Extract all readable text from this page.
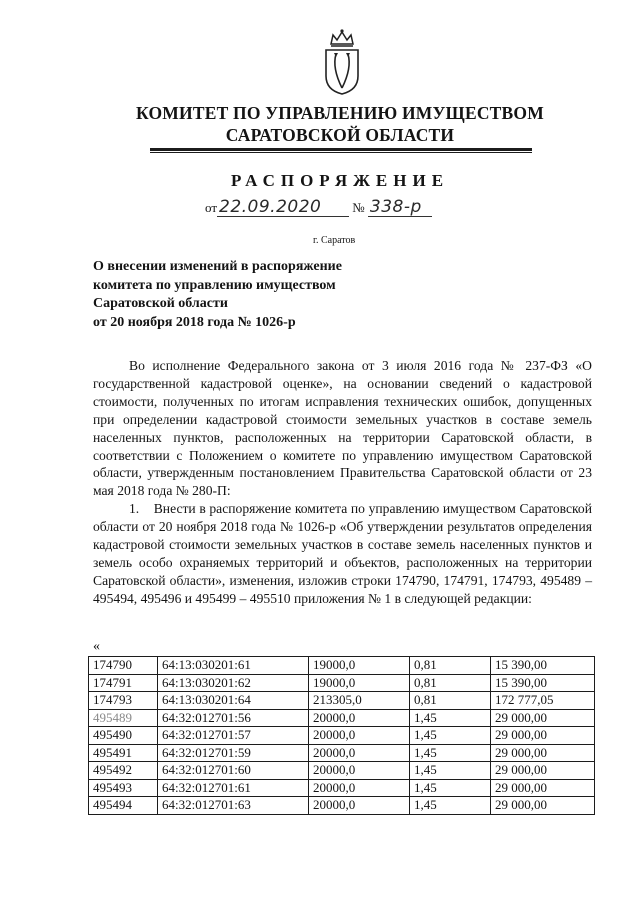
КОМИТЕТ ПО УПРАВЛЕНИЮ ИМУЩЕСТВОМ
САРАТОВСКОЙ ОБЛАСТИ
РАСПОРЯЖЕНИЕ
от 22.09.2020 № 338-р
г. Саратов
О внесении изменений в распоряжение
комитета по управлению имуществом
Саратовской области
от 20 ноября 2018 года № 1026-р

Во исполнение Федерального закона от 3 июля 2016 года № 237-ФЗ «О государственной кадастровой оценке», на основании сведений о кадастровой стоимости, полученных по итогам исправления технических ошибок, допущенных при определении кадастровой стоимости земельных участков в составе земель населенных пунктов, расположенных на территории Саратовской области, в соответствии с Положением о комитете по управлению имуществом Саратовской области, утвержденным постановлением Правительства Саратовской области от 23 мая 2018 года № 280-П:

1.    Внести в распоряжение комитета по управлению имуществом Саратовской области от 20 ноября 2018 года № 1026-р «Об утверждении результатов определения кадастровой стоимости земельных участков в составе земель населенных пунктов и земель особо охраняемых территорий и объектов, расположенных на территории Саратовской области», изменения, изложив строки 174790, 174791, 174793, 495489 – 495494, 495496 и 495499 – 495510 приложения № 1 в следующей редакции:

«
174790	64:13:030201:61	19000,0	0,81	15 390,00
174791	64:13:030201:62	19000,0	0,81	15 390,00
174793	64:13:030201:64	213305,0	0,81	172 777,05
495489	64:32:012701:56	20000,0	1,45	29 000,00
495490	64:32:012701:57	20000,0	1,45	29 000,00
495491	64:32:012701:59	20000,0	1,45	29 000,00
495492	64:32:012701:60	20000,0	1,45	29 000,00
495493	64:32:012701:61	20000,0	1,45	29 000,00
495494	64:32:012701:63	20000,0	1,45	29 000,00
